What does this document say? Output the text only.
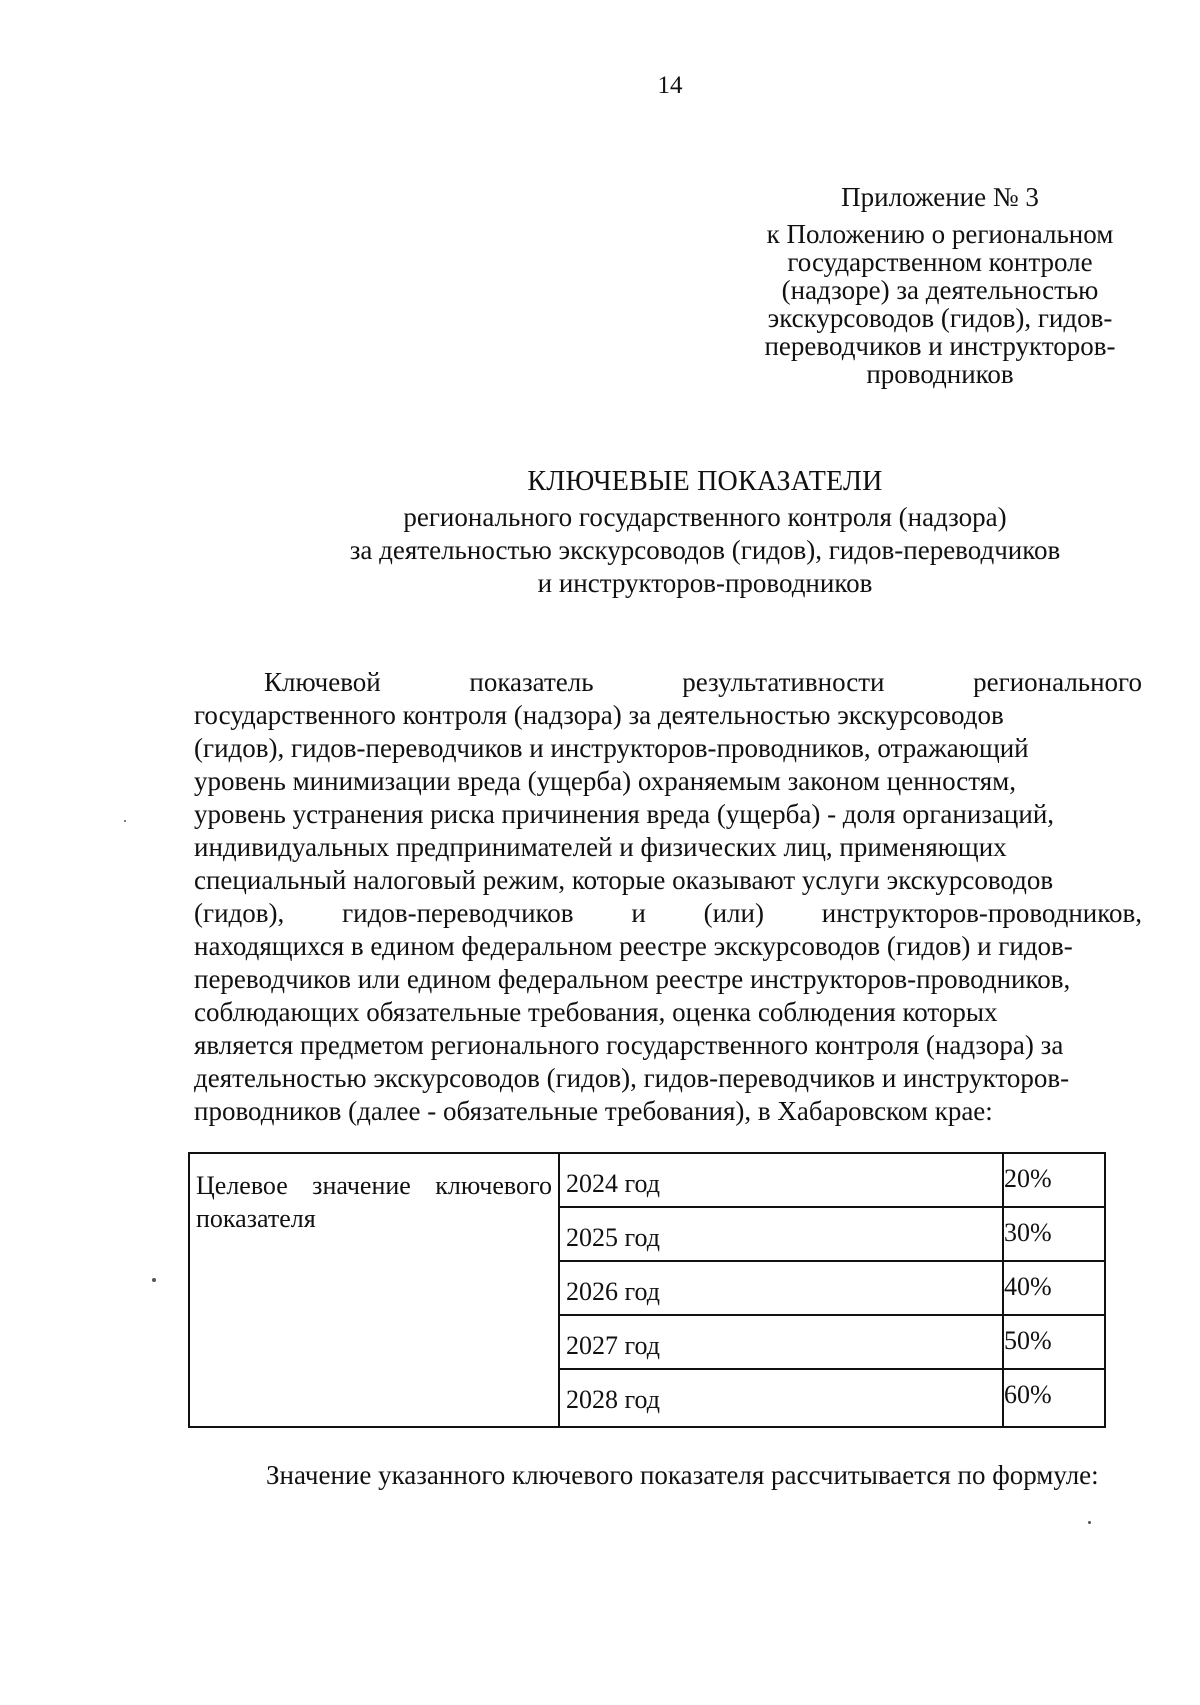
14
Приложение № 3
к Положению о региональном
государственном контроле
(надзоре) за деятельностью
экскурсоводов (гидов), гидов-
переводчиков и инструкторов-
проводников
КЛЮЧЕВЫЕ ПОКАЗАТЕЛИ
регионального государственного контроля (надзора)
за деятельностью экскурсоводов (гидов), гидов-переводчиков
и инструкторов-проводников
Ключевой	показатель	результативности	регионального
государственного контроля (надзора) за деятельностью экскурсоводов
(гидов), гидов-переводчиков и инструкторов-проводников, отражающий
уровень минимизации вреда (ущерба) охраняемым законом ценностям,
уровень устранения риска причинения вреда (ущерба) - доля организаций,
индивидуальных предпринимателей и физических лиц, применяющих
специальный налоговый режим, которые оказывают услуги экскурсоводов
(гидов), гидов-переводчиков и (или) инструкторов-проводников,
находящихся в едином федеральном реестре экскурсоводов (гидов) и гидов-
переводчиков или едином федеральном реестре инструкторов-проводников,
соблюдающих обязательные требования, оценка соблюдения которых
является предметом регионального государственного контроля (надзора) за
деятельностью экскурсоводов (гидов), гидов-переводчиков и инструкторов-
проводников (далее - обязательные требования), в Хабаровском крае:
Целевое значение ключевого
показателя
2024 год	20%
2025 год	30%
2026 год	40%
2027 год	50%
2028 год	60%
Значение указанного ключевого показателя рассчитывается по формуле:
